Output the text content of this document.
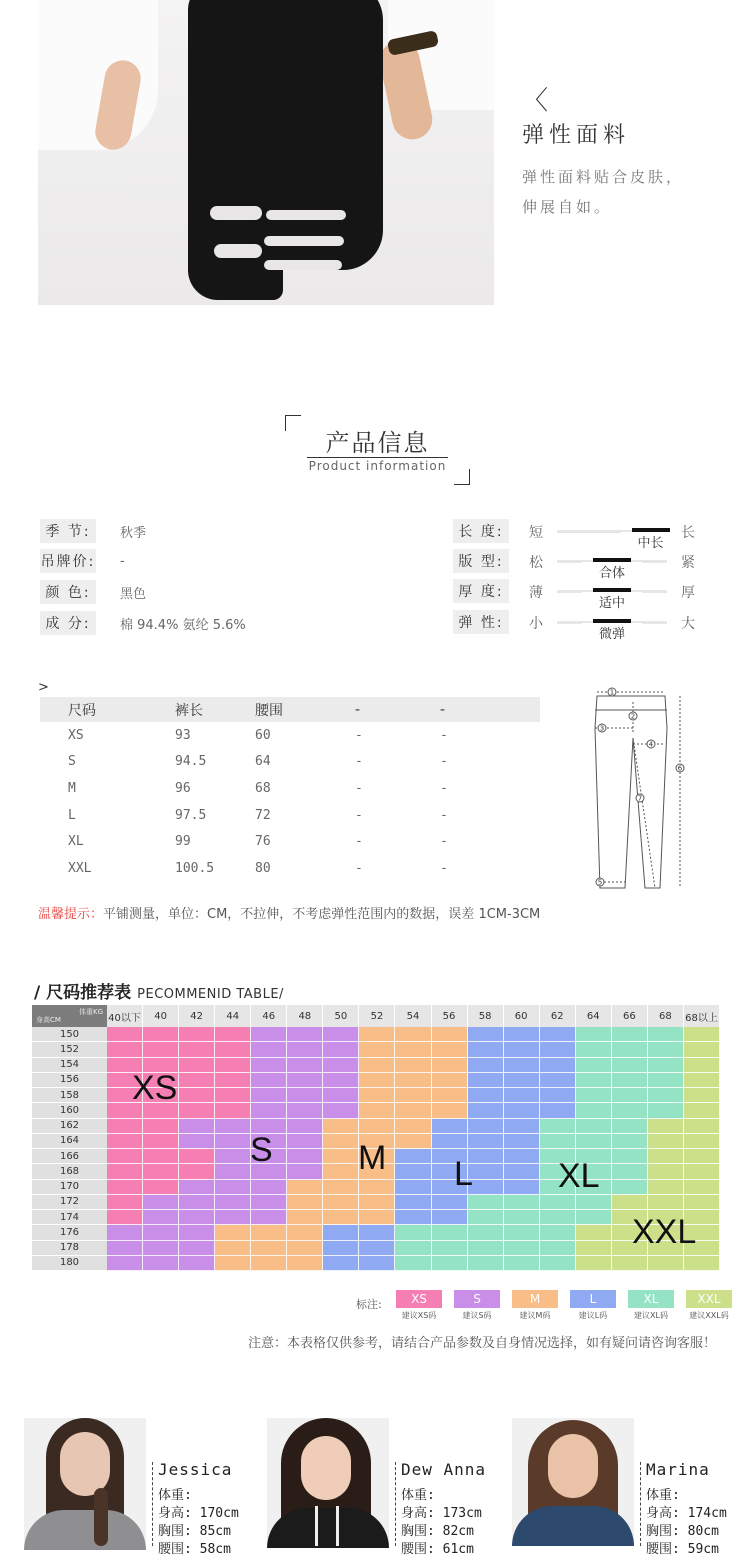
〈
弹性面料
弹性面料贴合皮肤，
伸展自如。
产品信息
Product information
季 节:	秋季
吊牌价: -
颜 色:	黑色
成 分:	棉 94.4% 氨纶 5.6%
长 度:	短
中长
长
版 型:	松
合体
紧
厚 度:	薄
适中
厚
弹 性:	小
微弹
大
>
尺码	裤长	腰围	-	-
XS	93	60	-	-
S	94.5	64	-	-
M	96	68	-	-
L	97.5	72	-	-
XL	99	76	-	-
XXL	100.5	80	-	-
1
2
3
4
5
6
7
温馨提示：平铺测量，单位：CM，不拉伸，不考虑弹性范围内的数据，误差 1CM-3CM
/ 尺码推荐表 PECOMMENID TABLE/
体重KG
身高CM	40以下	40	42	44	46	48	50	52	54	56	58	60	62	64	66	68	68以上
150
152
154
156
158
160
162
164
166
168
170
172
174
176
178
180
XS
S	M L	XL
XXL
标注:	XS
建议XS码
S
建议S码
M
建议M码
L
建议L码
XL
建议XL码
XXL
建议XXL码
注意：本表格仅供参考，请结合产品参数及自身情况选择，如有疑问请咨询客服！
Jessica
体重:
身高: 170cm
胸围: 85cm
腰围: 58cm
Dew Anna
体重:
身高: 173cm
胸围: 82cm
腰围: 61cm
Marina
体重:
身高: 174cm
胸围: 80cm
腰围: 59cm
